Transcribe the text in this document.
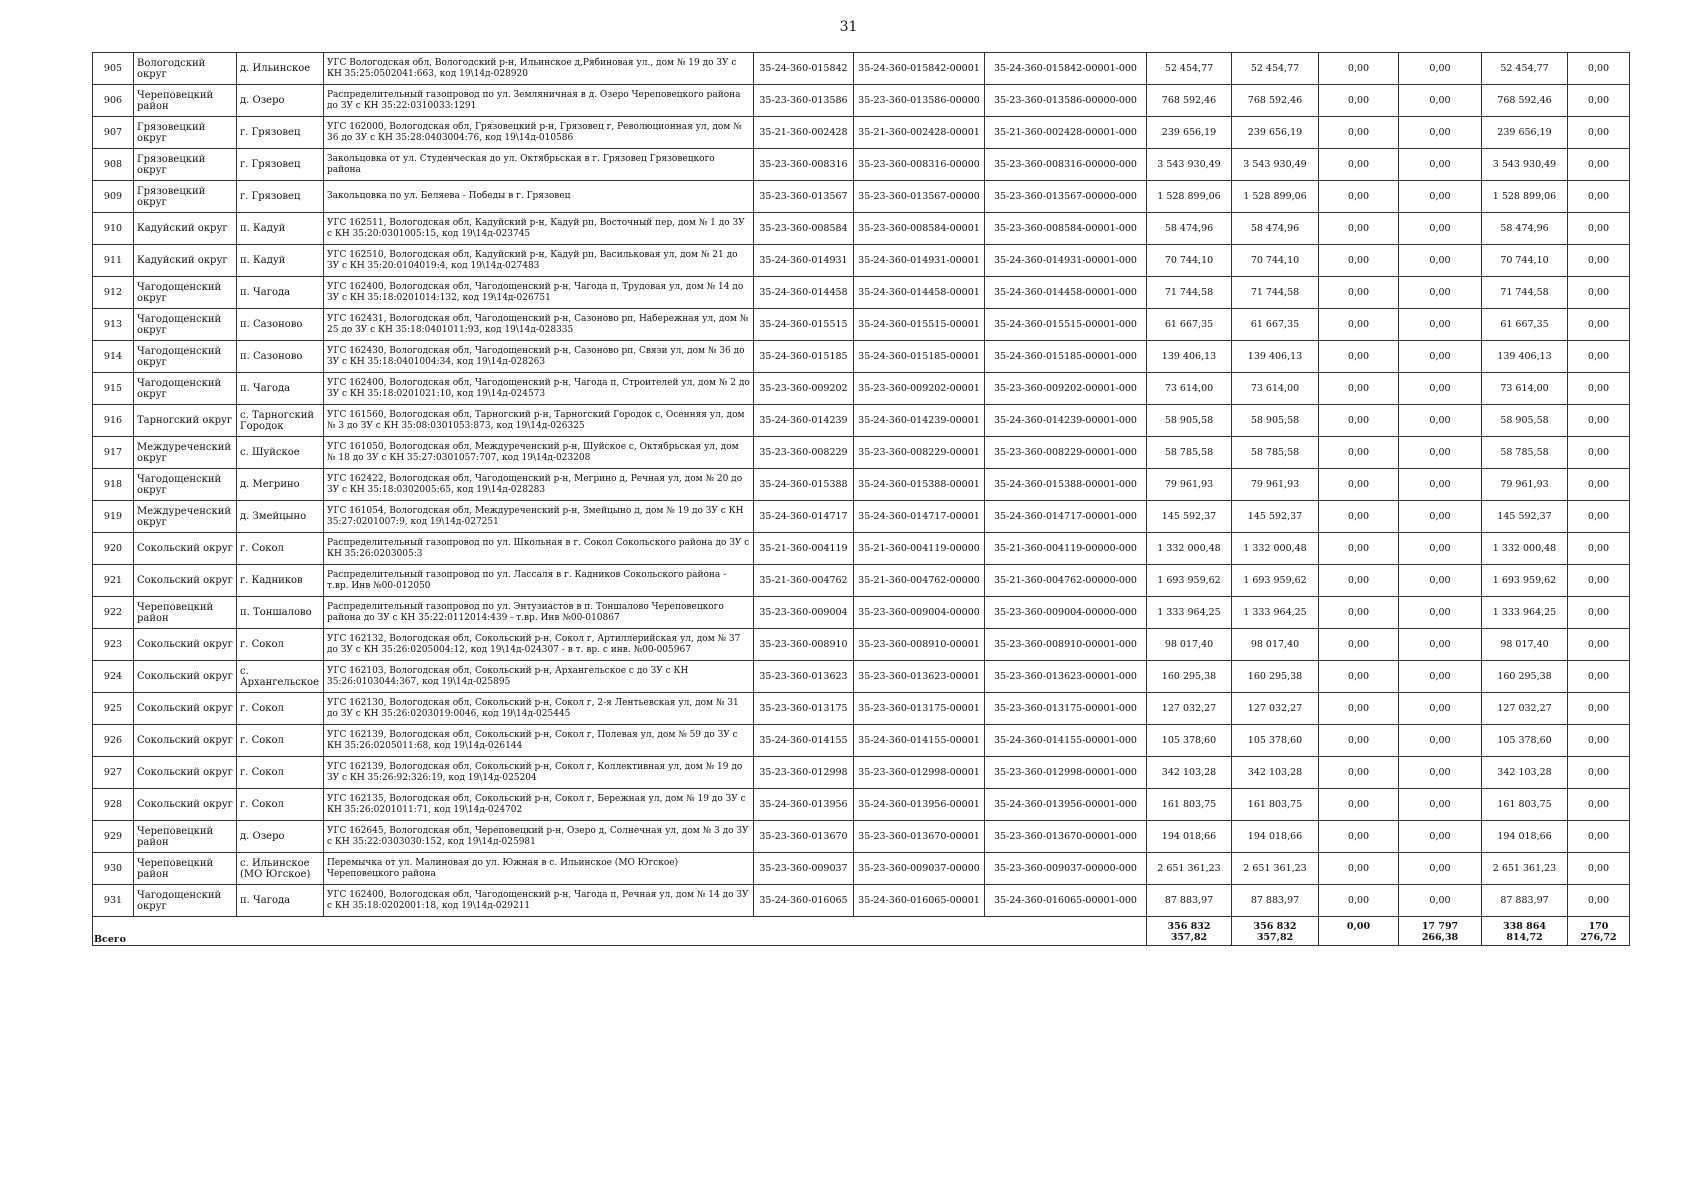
31
905	Вологодский округ	д. Ильинское	УГС Вологодская обл, Вологодский р-н, Ильинское д,Рябиновая ул., дом № 19 до ЗУ с КН 35:25:0502041:663, код 19\14д-028920	35-24-360-015842	35-24-360-015842-00001	35-24-360-015842-00001-000	52 454,77	52 454,77	0,00	0,00	52 454,77	0,00
906	Череповецкий район	д. Озеро	Распределительный газопровод по ул. Земляничная в д. Озеро Череповецкого района до ЗУ с КН 35:22:0310033:1291	35-23-360-013586	35-23-360-013586-00000	35-23-360-013586-00000-000	768 592,46	768 592,46	0,00	0,00	768 592,46	0,00
907	Грязовецкий округ	г. Грязовец	УГС 162000, Вологодская обл, Грязовецкий р-н, Грязовец г, Революционная ул, дом № 36 до ЗУ с КН 35:28:0403004:76, код 19\14д-010586	35-21-360-002428	35-21-360-002428-00001	35-21-360-002428-00001-000	239 656,19	239 656,19	0,00	0,00	239 656,19	0,00
908	Грязовецкий округ	г. Грязовец	Закольцовка от ул. Студенческая до ул. Октябрьская в г. Грязовец Грязовецкого района	35-23-360-008316	35-23-360-008316-00000	35-23-360-008316-00000-000	3 543 930,49	3 543 930,49	0,00	0,00	3 543 930,49	0,00
909	Грязовецкий округ	г. Грязовец	Закольцовка по ул. Беляева - Победы в г. Грязовец	35-23-360-013567	35-23-360-013567-00000	35-23-360-013567-00000-000	1 528 899,06	1 528 899,06	0,00	0,00	1 528 899,06	0,00
910	Кадуйский округ	п. Кадуй	УГС 162511, Вологодская обл, Кадуйский р-н, Кадуй рп, Восточный пер, дом № 1 до ЗУ с КН 35:20:0301005:15, код 19\14д-023745	35-23-360-008584	35-23-360-008584-00001	35-23-360-008584-00001-000	58 474,96	58 474,96	0,00	0,00	58 474,96	0,00
911	Кадуйский округ	п. Кадуй	УГС 162510, Вологодская обл, Кадуйский р-н, Кадуй рп, Васильковая ул, дом № 21 до ЗУ с КН 35:20:0104019:4, код 19\14д-027483	35-24-360-014931	35-24-360-014931-00001	35-24-360-014931-00001-000	70 744,10	70 744,10	0,00	0,00	70 744,10	0,00
912	Чагодощенский округ	п. Чагода	УГС 162400, Вологодская обл, Чагодощенский р-н, Чагода п, Трудовая ул, дом № 14 до ЗУ с КН 35:18:0201014:132, код 19\14д-026751	35-24-360-014458	35-24-360-014458-00001	35-24-360-014458-00001-000	71 744,58	71 744,58	0,00	0,00	71 744,58	0,00
913	Чагодощенский округ	п. Сазоново	УГС 162431, Вологодская обл, Чагодощенский р-н, Сазоново рп, Набережная ул, дом № 25 до ЗУ с КН 35:18:0401011:93, код 19\14д-028335	35-24-360-015515	35-24-360-015515-00001	35-24-360-015515-00001-000	61 667,35	61 667,35	0,00	0,00	61 667,35	0,00
914	Чагодощенский округ	п. Сазоново	УГС 162430, Вологодская обл, Чагодощенский р-н, Сазоново рп, Связи ул, дом № 36 до ЗУ с КН 35:18:0401004:34, код 19\14д-028263	35-24-360-015185	35-24-360-015185-00001	35-24-360-015185-00001-000	139 406,13	139 406,13	0,00	0,00	139 406,13	0,00
915	Чагодощенский округ	п. Чагода	УГС 162400, Вологодская обл, Чагодощенский р-н, Чагода п, Строителей ул, дом № 2 до ЗУ с КН 35:18:0201021:10, код 19\14д-024573	35-23-360-009202	35-23-360-009202-00001	35-23-360-009202-00001-000	73 614,00	73 614,00	0,00	0,00	73 614,00	0,00
916	Тарногский округ	с. Тарногский Городок	УГС 161560, Вологодская обл, Тарногский р-н, Тарногский Городок с, Осенняя ул, дом № 3 до ЗУ с КН 35:08:0301053:873, код 19\14д-026325	35-24-360-014239	35-24-360-014239-00001	35-24-360-014239-00001-000	58 905,58	58 905,58	0,00	0,00	58 905,58	0,00
917	Междуреченский округ	с. Шуйское	УГС 161050, Вологодская обл, Междуреченский р-н, Шуйское с, Октябрьская ул, дом № 18 до ЗУ с КН 35:27:0301057:707, код 19\14д-023208	35-23-360-008229	35-23-360-008229-00001	35-23-360-008229-00001-000	58 785,58	58 785,58	0,00	0,00	58 785,58	0,00
918	Чагодощенский округ	д. Мегрино	УГС 162422, Вологодская обл, Чагодощенский р-н, Мегрино д, Речная ул, дом № 20 до ЗУ с КН 35:18:0302005:65, код 19\14д-028283	35-24-360-015388	35-24-360-015388-00001	35-24-360-015388-00001-000	79 961,93	79 961,93	0,00	0,00	79 961,93	0,00
919	Междуреченский округ	д. Змейцыно	УГС 161054, Вологодская обл, Междуреченский р-н, Змейцыно д, дом № 19 до ЗУ с КН 35:27:0201007:9, код 19\14д-027251	35-24-360-014717	35-24-360-014717-00001	35-24-360-014717-00001-000	145 592,37	145 592,37	0,00	0,00	145 592,37	0,00
920	Сокольский округ	г. Сокол	Распределительный газопровод по ул. Школьная в г. Сокол Сокольского района до ЗУ с КН 35:26:0203005:3	35-21-360-004119	35-21-360-004119-00000	35-21-360-004119-00000-000	1 332 000,48	1 332 000,48	0,00	0,00	1 332 000,48	0,00
921	Сокольский округ	г. Кадников	Распределительный газопровод по ул. Лассаля в г. Кадников Сокольского района - т.вр. Инв №00-012050	35-21-360-004762	35-21-360-004762-00000	35-21-360-004762-00000-000	1 693 959,62	1 693 959,62	0,00	0,00	1 693 959,62	0,00
922	Череповецкий район	п. Тоншалово	Распределительный газопровод по ул. Энтузиастов в п. Тоншалово Череповецкого района до ЗУ с КН 35:22:0112014:439 - т.вр. Инв №00-010867	35-23-360-009004	35-23-360-009004-00000	35-23-360-009004-00000-000	1 333 964,25	1 333 964,25	0,00	0,00	1 333 964,25	0,00
923	Сокольский округ	г. Сокол	УГС 162132, Вологодская обл, Сокольский р-н, Сокол г, Артиллерийская ул, дом № 37 до ЗУ с КН 35:26:0205004:12, код 19\14д-024307 - в т. вр. с инв. №00-005967	35-23-360-008910	35-23-360-008910-00001	35-23-360-008910-00001-000	98 017,40	98 017,40	0,00	0,00	98 017,40	0,00
924	Сокольский округ	с. Архангельское	УГС 162103, Вологодская обл, Сокольский р-н, Архангельское с до ЗУ с КН 35:26:0103044:367, код 19\14д-025895	35-23-360-013623	35-23-360-013623-00001	35-23-360-013623-00001-000	160 295,38	160 295,38	0,00	0,00	160 295,38	0,00
925	Сокольский округ	г. Сокол	УГС 162130, Вологодская обл, Сокольский р-н, Сокол г, 2-я Лентьевская ул, дом № 31 до ЗУ с КН 35:26:0203019:0046, код 19\14д-025445	35-23-360-013175	35-23-360-013175-00001	35-23-360-013175-00001-000	127 032,27	127 032,27	0,00	0,00	127 032,27	0,00
926	Сокольский округ	г. Сокол	УГС 162139, Вологодская обл, Сокольский р-н, Сокол г, Полевая ул, дом № 59 до ЗУ с КН 35:26:0205011:68, код 19\14д-026144	35-24-360-014155	35-24-360-014155-00001	35-24-360-014155-00001-000	105 378,60	105 378,60	0,00	0,00	105 378,60	0,00
927	Сокольский округ	г. Сокол	УГС 162139, Вологодская обл, Сокольский р-н, Сокол г, Коллективная ул, дом № 19 до ЗУ с КН 35:26:92:326:19, код 19\14д-025204	35-23-360-012998	35-23-360-012998-00001	35-23-360-012998-00001-000	342 103,28	342 103,28	0,00	0,00	342 103,28	0,00
928	Сокольский округ	г. Сокол	УГС 162135, Вологодская обл, Сокольский р-н, Сокол г, Бережная ул, дом № 19 до ЗУ с КН 35:26:0201011:71, код 19\14д-024702	35-24-360-013956	35-24-360-013956-00001	35-24-360-013956-00001-000	161 803,75	161 803,75	0,00	0,00	161 803,75	0,00
929	Череповецкий район	д. Озеро	УГС 162645, Вологодская обл, Череповецкий р-н, Озеро д, Солнечная ул, дом № 3 до ЗУ с КН 35:22:0303030:152, код 19\14д-025981	35-23-360-013670	35-23-360-013670-00001	35-23-360-013670-00001-000	194 018,66	194 018,66	0,00	0,00	194 018,66	0,00
930	Череповецкий район	с. Ильинское (МО Югское)	Перемычка от ул. Малиновая до ул. Южная в с. Ильинское (МО Югское) Череповецкого района	35-23-360-009037	35-23-360-009037-00000	35-23-360-009037-00000-000	2 651 361,23	2 651 361,23	0,00	0,00	2 651 361,23	0,00
931	Чагодощенский округ	п. Чагода	УГС 162400, Вологодская обл, Чагодощенский р-н, Чагода п, Речная ул, дом № 14 до ЗУ с КН 35:18:0202001:18, код 19\14д-029211	35-24-360-016065	35-24-360-016065-00001	35-24-360-016065-00001-000	87 883,97	87 883,97	0,00	0,00	87 883,97	0,00
Всего							356 832 357,82	356 832 357,82	0,00	17 797 266,38	338 864 814,72	170 276,72
